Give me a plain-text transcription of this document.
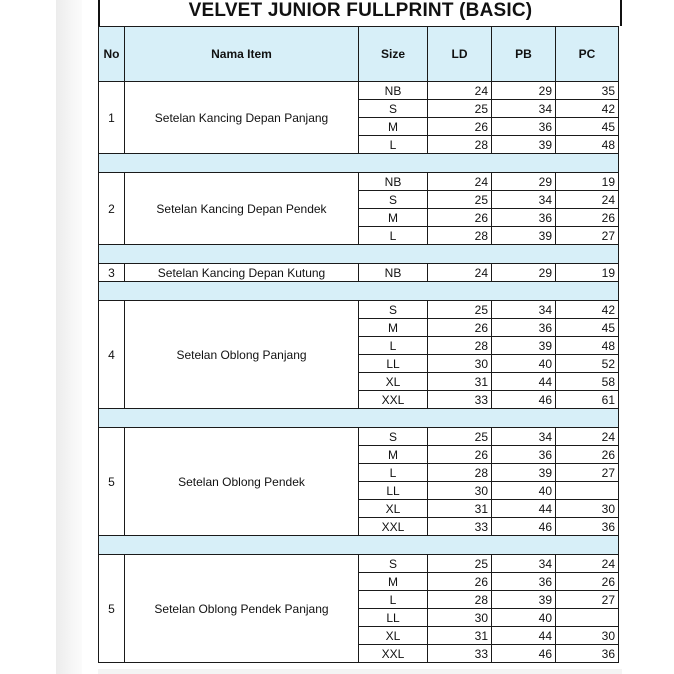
VELVET JUNIOR FULLPRINT (BASIC)
No	Nama Item	Size	LD	PB	PC
1	Setelan Kancing Depan Panjang	NB	24	29	35
		S	25	34	42
		M	26	36	45
		L	28	39	48

2	Setelan Kancing Depan Pendek	NB	24	29	19
		S	25	34	24
		M	26	36	26
		L	28	39	27

3	Setelan Kancing Depan Kutung	NB	24	29	19

4	Setelan Oblong Panjang	S	25	34	42
		M	26	36	45
		L	28	39	48
		LL	30	40	52
		XL	31	44	58
		XXL	33	46	61

5	Setelan Oblong Pendek	S	25	34	24
		M	26	36	26
		L	28	39	27
		LL	30	40	
		XL	31	44	30
		XXL	33	46	36

5	Setelan Oblong Pendek Panjang	S	25	34	24
		M	26	36	26
		L	28	39	27
		LL	30	40	
		XL	31	44	30
		XXL	33	46	36
